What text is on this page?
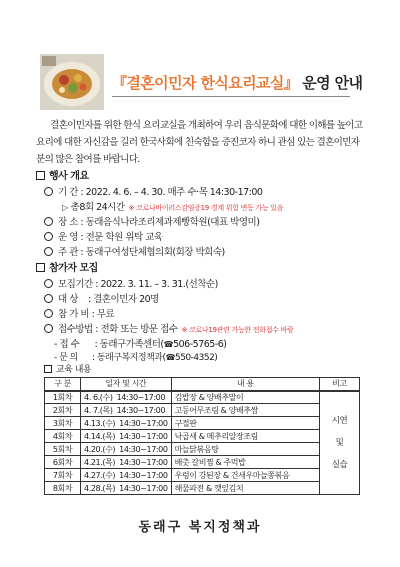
『결혼이민자 한식요리교실』 운영 안내
결혼이민자를 위한 한식 요리교실을 개최하여 우리 음식문화에 대한 이해를 높이고 요리에 대한 자신감을 길러 한국사회에 친숙함을 증진코자 하니 관심 있는 결혼이민자 분의 많은 참여를 바랍니다.
행사 개요
기 간 : 2022. 4. 6. – 4. 30. 매주 수·목 14:30-17:00
▷ 총8회 24시간 ※ 코로나바이러스감염증19 경계 위험 변동 가능 있음
장 소 : 동래음식나라조리제과제빵학원(대표 박영미)
운 영 : 전문 학원 위탁 교육
주 관 : 동래구여성단체협의회(회장 박희숙)
참가자 모집
모집기간 : 2022. 3. 11. – 3. 31.(선착순)
대 상 : 결혼이민자 20명
참 가 비 : 무료
접수방법 : 전화 또는 방문 접수 ※ 코로나19관련 가능한 전화접수 바람
- 접 수 : 동래구가족센터(☎506-5765-6)
- 문 의 : 동래구복지정책과(☎550-4352)
구 분	일자 및 시간	내 용	비고
1회차	4. 6.(수) 14:30~17:00	김밥장 & 양배추말이	시연
및
실습

2회차	4. 7.(목) 14:30~17:00	고등어무조림 & 양배추쌈	
3회차	4.13.(수) 14:30~17:00	구절판	
4회차	4.14.(목) 14:30~17:00	낙곱새 & 메추리알장조림	
5회차	4.20.(수) 14:30~17:00	마늘닭볶음탕	
6회차	4.21.(목) 14:30~17:00	배춧 갈비찜 & 주먹밥	
7회차	4.27.(수) 14:30~17:00	우렁이 강된장 & 건새우마늘쫑볶음	
8회차	4.28.(목) 14:30~17:00	해물파전 & 깻잎김치	
교육 내용
동래구 복지정책과
